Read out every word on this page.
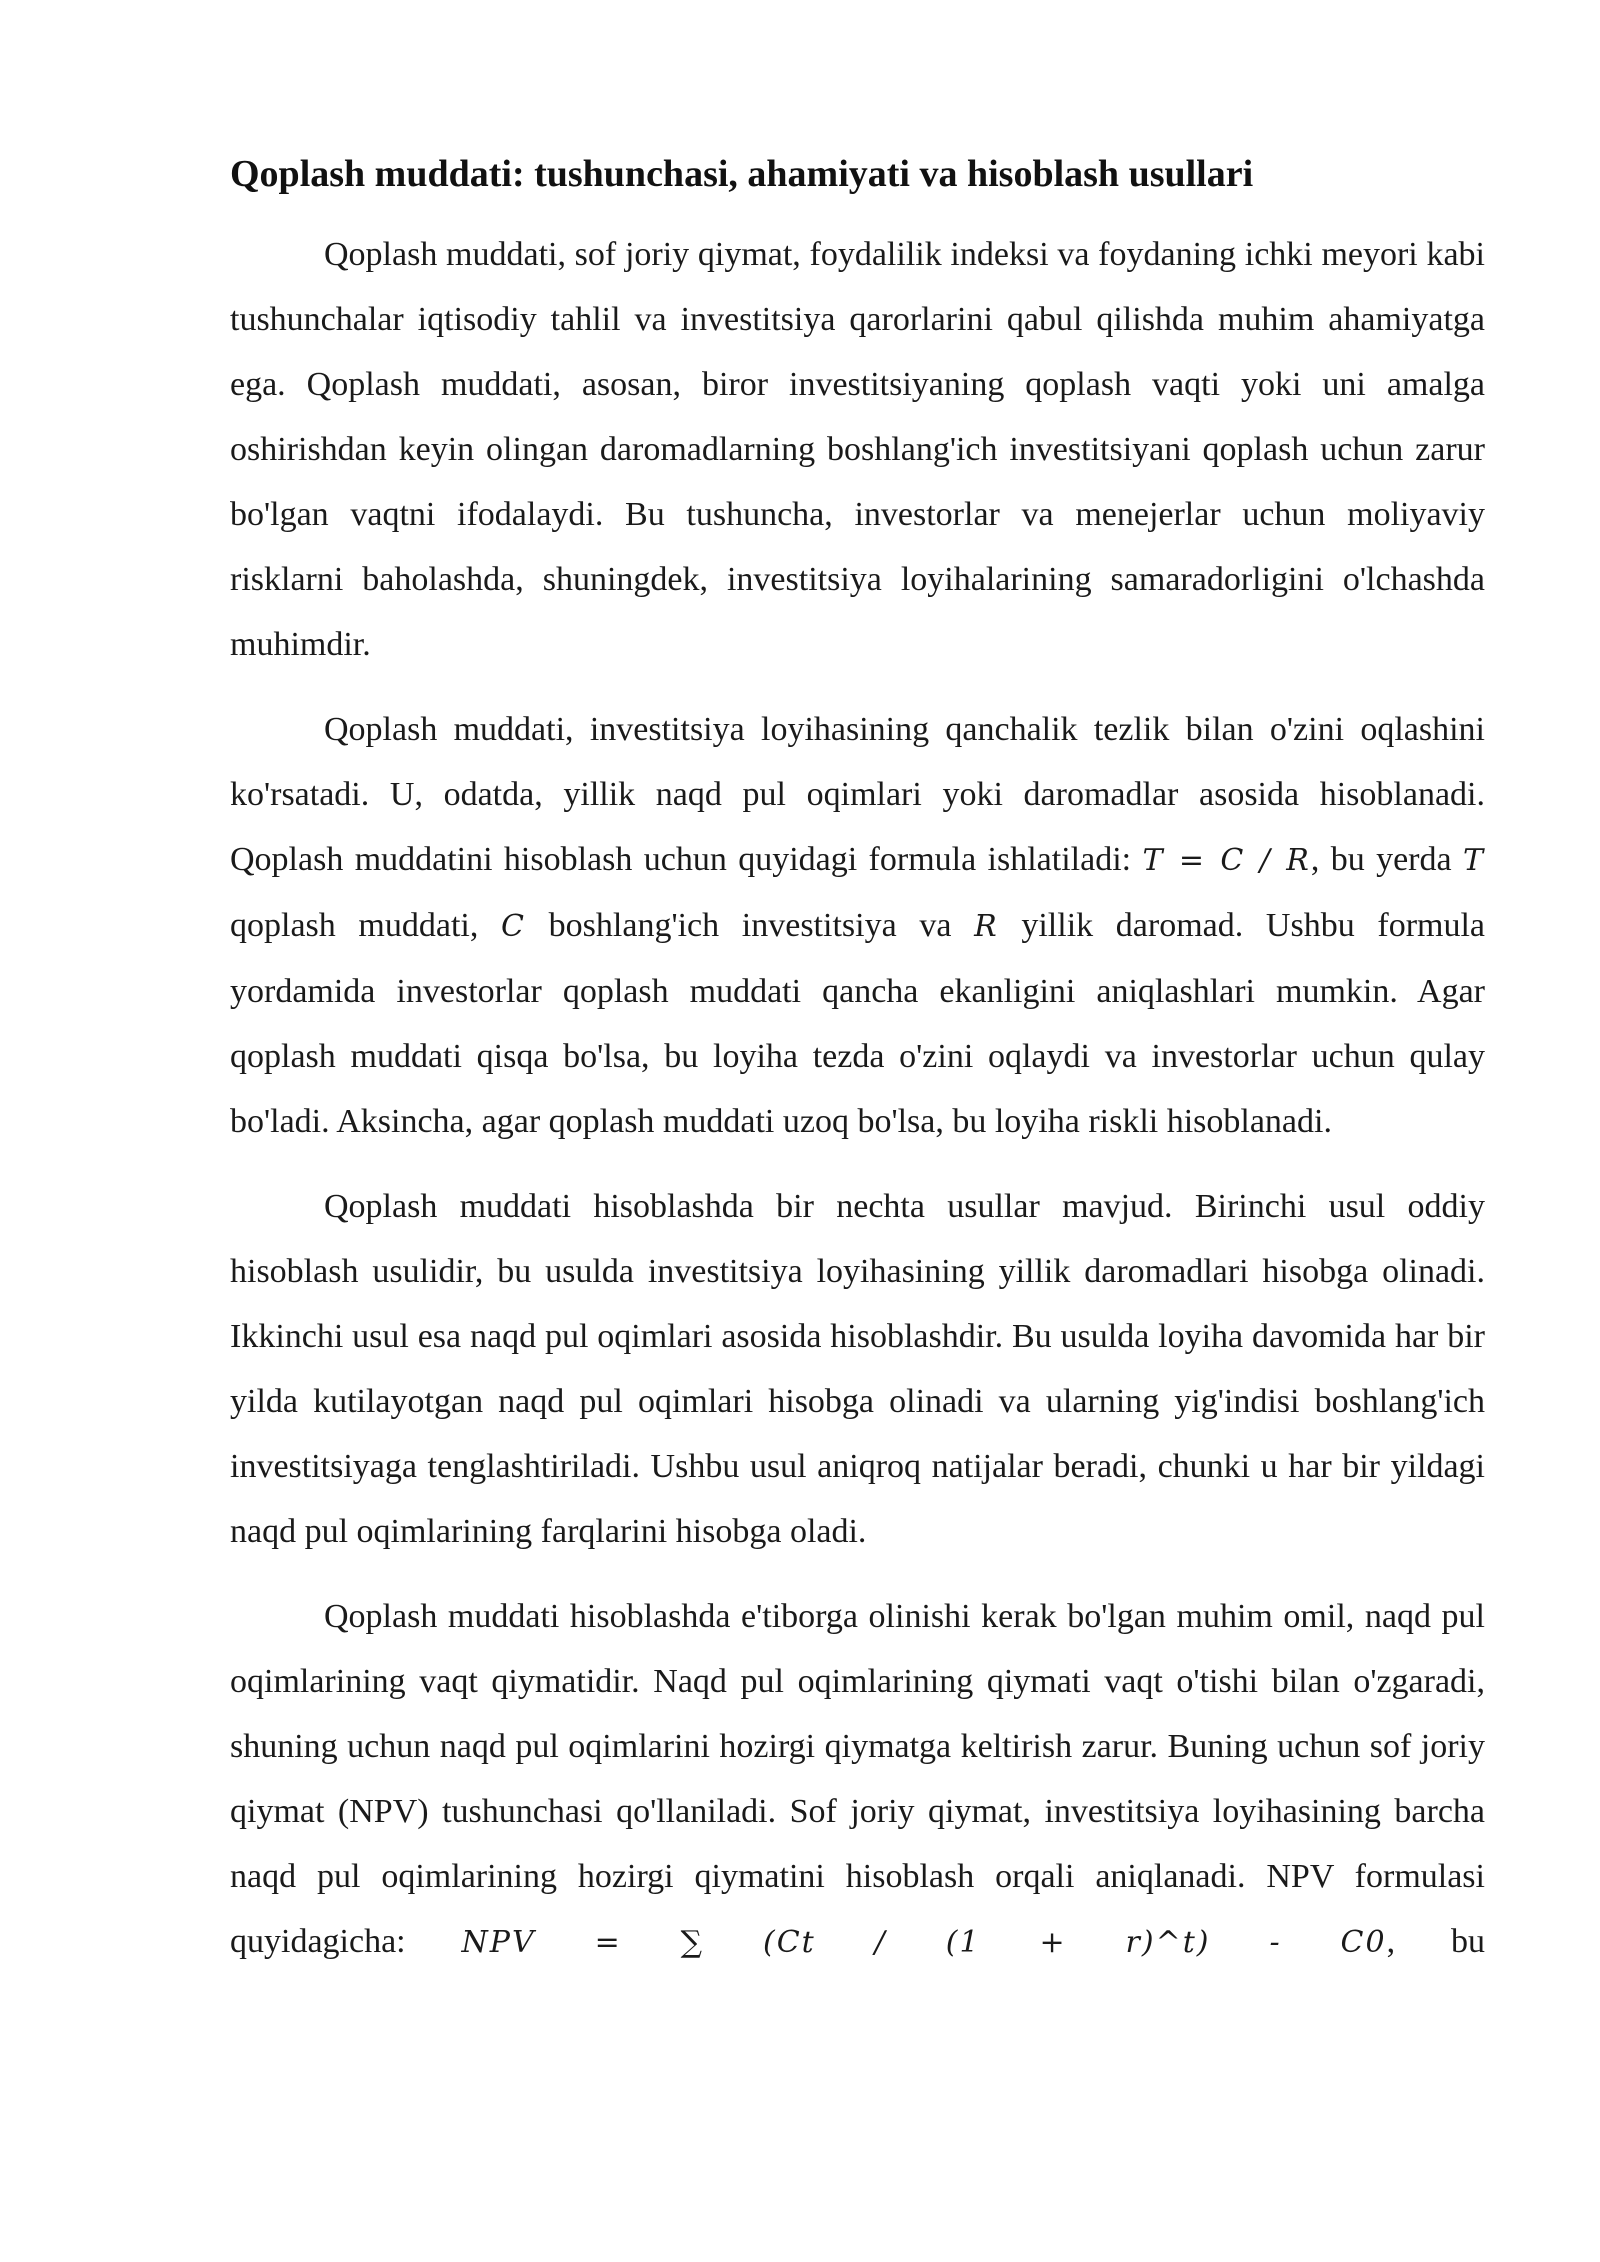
Qoplash muddati: tushunchasi, ahamiyati va hisoblash usullari

Qoplash muddati, sof joriy qiymat, foydalilik indeksi va foydaning ichki meyori kabi tushunchalar iqtisodiy tahlil va investitsiya qarorlarini qabul qilishda muhim ahamiyatga ega. Qoplash muddati, asosan, biror investitsiyaning qoplash vaqti yoki uni amalga oshirishdan keyin olingan daromadlarning boshlang'ich investitsiyani qoplash uchun zarur bo'lgan vaqtni ifodalaydi. Bu tushuncha, investorlar va menejerlar uchun moliyaviy risklarni baholashda, shuningdek, investitsiya loyihalarining samaradorligini o'lchashda muhimdir.

Qoplash muddati, investitsiya loyihasining qanchalik tezlik bilan o'zini oqlashini ko'rsatadi. U, odatda, yillik naqd pul oqimlari yoki daromadlar asosida hisoblanadi. Qoplash muddatini hisoblash uchun quyidagi formula ishlatiladi: T = C / R, bu yerda T qoplash muddati, C boshlang'ich investitsiya va R yillik daromad. Ushbu formula yordamida investorlar qoplash muddati qancha ekanligini aniqlashlari mumkin. Agar qoplash muddati qisqa bo'lsa, bu loyiha tezda o'zini oqlaydi va investorlar uchun qulay bo'ladi. Aksincha, agar qoplash muddati uzoq bo'lsa, bu loyiha riskli hisoblanadi.

Qoplash muddati hisoblashda bir nechta usullar mavjud. Birinchi usul oddiy hisoblash usulidir, bu usulda investitsiya loyihasining yillik daromadlari hisobga olinadi. Ikkinchi usul esa naqd pul oqimlari asosida hisoblashdir. Bu usulda loyiha davomida har bir yilda kutilayotgan naqd pul oqimlari hisobga olinadi va ularning yig'indisi boshlang'ich investitsiyaga tenglashtiriladi. Ushbu usul aniqroq natijalar beradi, chunki u har bir yildagi naqd pul oqimlarining farqlarini hisobga oladi.

Qoplash muddati hisoblashda e'tiborga olinishi kerak bo'lgan muhim omil, naqd pul oqimlarining vaqt qiymatidir. Naqd pul oqimlarining qiymati vaqt o'tishi bilan o'zgaradi, shuning uchun naqd pul oqimlarini hozirgi qiymatga keltirish zarur. Buning uchun sof joriy qiymat (NPV) tushunchasi qo'llaniladi. Sof joriy qiymat, investitsiya loyihasining barcha naqd pul oqimlarining hozirgi qiymatini hisoblash orqali aniqlanadi. NPV formulasi quyidagicha: NPV = ∑ (Ct / (1 + r)^t) - C0, bu
